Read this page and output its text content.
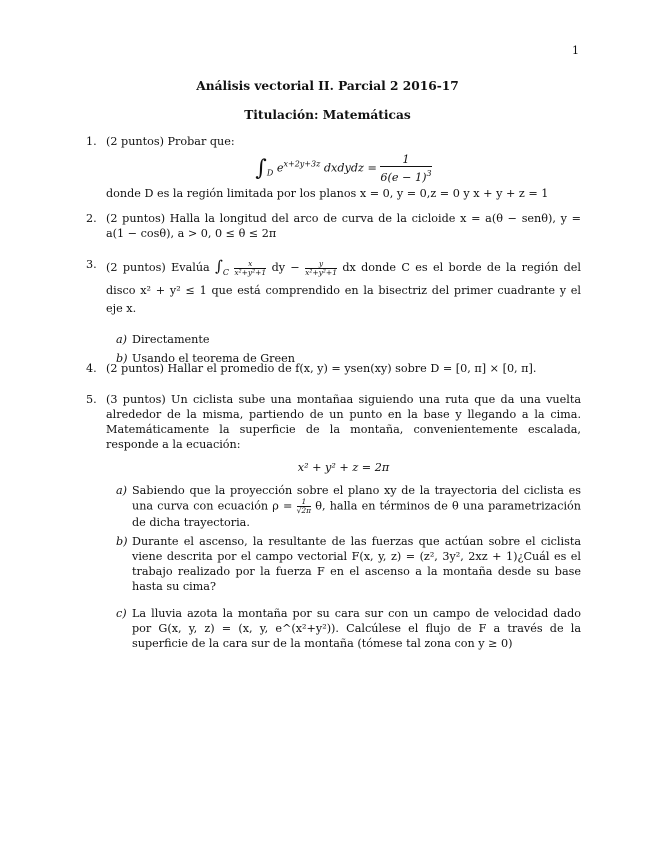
1
Análisis vectorial II. Parcial 2 2016-17
Titulación: Matemáticas
1. (2 puntos) Probar que:
$\int_D$ $e^{x+2y+3z}$ dxdydz = $\frac{1}{6(e - 1)^3}$
donde D es la región limitada por los planos x = 0, y = 0,z = 0 y x + y + z = 1
2. (2 puntos) Halla la longitud del arco de curva de la cicloide x = a(θ − senθ), y = a(1 − cosθ), a > 0, 0 ≤ θ ≤ 2π
3. (2 puntos) Evalúa $\int_C \frac{x}{\text{x²+y²+1}}$ dy − $\frac{y}{\text{x²+y²+1}}$ dx donde C es el borde de la región del disco x² + y² ≤ 1 que está comprendido en la bisectriz del primer cuadrante y el eje x.
a) Directamente
b) Usando el teorema de Green
4. (2 puntos) Hallar el promedio de f(x, y) = ysen(xy) sobre D = [0, π] × [0, π].
5. (3 puntos) Un ciclista sube una montañaa siguiendo una ruta que da una vuelta alrededor de la misma, partiendo de un punto en la base y llegando a la cima. Matemáticamente la superficie de la montaña, convenientemente escalada, responde a la ecuación:
x² + y² + z = 2π
a) Sabiendo que la proyección sobre el plano xy de la trayectoria del ciclista es una curva con ecuación $\rho = \frac{1}{√2\pi} \theta$, halla en términos de θ una parametrización de dicha trayectoria.
b) Durante el ascenso, la resultante de las fuerzas que actúan sobre el ciclista viene descrita por el campo vectorial F(x, y, z) = (z², 3y², 2xz + 1)¿Cuál es el trabajo realizado por la fuerza F en el ascenso a la montaña desde su base hasta su cima?
c) La lluvia azota la montaña por su cara sur con un campo de velocidad dado por G(x, y, z) = (x, y, e^(x²+y²)). Calcúlese el flujo de F a través de la superficie de la cara sur de la montaña (tómese tal zona con y ≥ 0)
